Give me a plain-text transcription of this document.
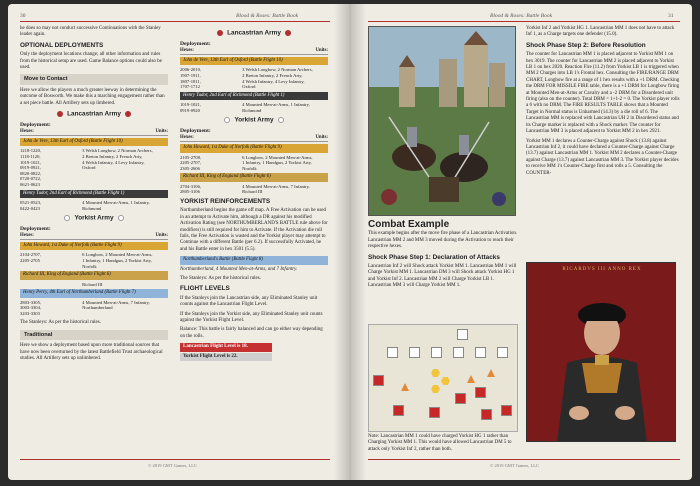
30	Blood & Roses: Battle Book

he does so may not conduct successive Continuations with the Stanley leader again.

OPTIONAL DEPLOYMENTS

Only the deployment locations change; all other information and rules from the historical setup are used. Game Balance options could also be used.

Move to Contact

Here we allow the players a much greater leeway in determining the outcome of Bosworth. We make this a marching engagement rather than a set piece battle. All Artillery sets up limbered.

Lancastrian Army
Deployment:
Hexes:	Units:
John de Vere, 13th Earl of Oxford (Battle Flight 10)
1218-1220,	3 Welsh Longbow, 2 Norman Archers,
1118-1120,	2 Breton Infantry, 2 French Arty,
1019-1021,	4 Welsh Infantry, 4 Levy Infantry,
0919-0921,	Oxford
0820-0822,
0720-0722,
0621-0623
Henry Tudor, 2nd Earl of Richmond (Battle Flight 1)
0521-0523,	4 Mounted Men-at-Arms, 1 Infantry,
0422-0423	Richmond
Yorkist Army
Deployment:
Hexes:	Units:
John Howard, 1st Duke of Norfolk (Battle Flight 9)
2104-2707,	6 Longbow, 2 Mounted Men-at-Arms,
2205-2705	1 Infantry, 1 Handgun, 2 Yorkist Arty,
Norfolk
Richard III, King of England (Battle Flight 6)
Richard III
Henry Percy, 4th Earl of Northumberland (Battle Flight 7)
2803-3305,	4 Mounted Men-at-Arms, 7 Infantry,
3003-3304,	Northumberland
3203-3303

The Stanleys: As per the historical rules.

Traditional

Here we show a deployment based upon more traditional sources that have now been overturned by the latest Battlefield Trust archaeological studies. All Artillery sets up unlimbered.

Lancastrian Army
Deployment:
Hexes:	Units:
John de Vere, 13th Earl of Oxford (Battle Flight 10)
2006-2010,	3 Welsh Longbow, 2 Norman Archers,
1907-1911,	2 Breton Infantry, 2 French Arty,
1807-1811,	4 Welsh Infantry, 4 Levy Infantry,
1707-1712	Oxford
Henry Tudor, 2nd Earl of Richmond (Battle Flight 1)
1019-1021,	4 Mounted Men-at-Arms, 1 Infantry,
0919-0920	Richmond
Yorkist Army
Deployment:
Hexes:	Units:
John Howard, 1st Duke of Norfolk (Battle Flight 9)
2105-2708,	6 Longbow, 2 Mounted Men-at-Arms,
2205-2707,	1 Infantry, 1 Handgun, 2 Yorkist Arty,
2305-2606	Norfolk
Richard III, King of England (Battle Flight 6)
2704-3106,	4 Mounted Men-at-Arms, 7 Infantry,
2805-3106	Richard III
YORKIST REINFORCEMENTS

Northumberland begins the game off map. A Free Activation can be used in an attempt to Activate him, although a DR against his modified Activation Rating (see NORTHUMBERLAND'S BATTLE rule above for modifiers) is still required for him to Activate. If the Activation die roll fails, the Free Activation is wasted and the Yorkist player may attempt to Continue with a different Battle (per 6.2). If successfully Activated, he and his Battle enter in hex 3501 (5.5).

Northumberland's Battle (Battle Flight 8)

Northumberland, 4 Mounted Men-at-Arms, and 7 Infantry.

The Stanleys: As per the historical rules.

FLIGHT LEVELS

If the Stanleys join the Lancastrian side, any Eliminated Stanley unit counts against the Lancastrian Flight Level.

If the Stanleys join the Yorkist side, any Eliminated Stanley unit counts against the Yorkist Flight Level.

Balance: This battle is fairly balanced and can go either way depending on the rolls.

Lancastrian Flight Level is 18.
Yorkist Flight Level is 22.
© 2019 GMT Games, LLC
Blood & Roses: Battle Book	31
Combat Example

This example begins after the move fire phase of a Lancastrian Activation. Lancastrian MM 2 and MM 3 moved during the Activation to reach their respective hexes.

Shock Phase Step 1: Declaration of Attacks

Lancastrian Inf 2 will Shock attack Yorkist MM 1. Lancastrian MM 1 will Charge Yorkist MM 1. Lancastrian DM 3 will Shock attack Yorkist HG 1 and Yorkist Inf 2. Lancastrian MM 2 will Charge Yorkist LB 1. Lancastrian MM 3 will Charge Yorkist MM 1.

Note: Lancastrian MM 1 could have charged Yorkist HG 1 rather than Charging Yorkist MM 1. This would have allowed Lancastrian DM 5 to attack only Yorkist Inf 2, rather than both.

Yorkist Inf 2 and Yorkist HG 1. Lancastrian MM 1 does not have to attack Inf 1, as a Charge targets one defender (15.0).

Shock Phase Step 2: Before Resolution

The counter for Lancastrian MM 1 is placed adjacent to Yorkist MM 1 on hex 3019. The counter for Lancastrian MM 2 is placed adjacent to Yorkist LB 1 on hex 2020. Reaction Fire (11.2) from Yorkist LB 1 is triggered when MM 2 Charges into LB 1's Frontal hex. Consulting the FIRE/RANGE DRM CHART, Longbow fire at a range of 1 hex results with a +1 DRM. Checking the DRM FOR MISSILE FIRE table, there is a +1 DRM for Longbow firing at Mounted Men-at-Arms or Cavalry and a -2 DRM for a Disordered unit firing (also on the counter). Total DRM = 1+1-2 = 0. The Yorkist player rolls a 6 with no DRM. The FIRE RESULTS TABLE shows that a Mounted Target in Normal status is Unharmed (14.3) by a die roll of 6. The Lancastrian MM is replaced with Lancastrian UH 2 in Disordered status and its Charge marker is replaced with a Shock marker. The counter for Lancastrian MM 3 is placed adjacent to Yorkist MM 2 in hex 2921.

Yorkist MM 1 declares a Counter-Charge against Shock (13.8) against Lancastrian Inf 2, it could have declared a Counter-Charge against Charge (13.7) against Lancastrian MM 1. Yorkist MM 2 declares a Counter-Charge against Charge (13.7) against Lancastrian MM 3. The Yorkist player decides to receive MM 1's Counter-Charge first and rolls a 5. Consulting the COUNTER-

RICARDVS III ANNO REX
© 2019 GMT Games, LLC
